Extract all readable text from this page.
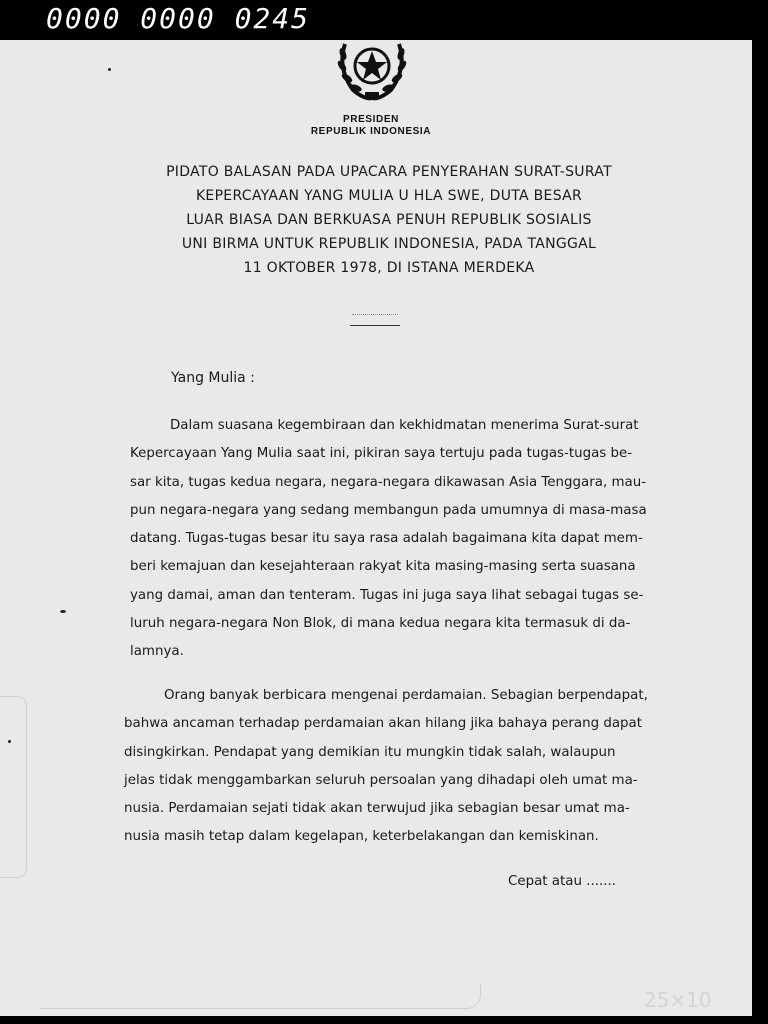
0000 0000 0245
PRESIDEN
REPUBLIK INDONESIA
PIDATO BALASAN PADA UPACARA PENYERAHAN SURAT-SURAT
KEPERCAYAAN YANG MULIA U HLA SWE, DUTA BESAR
LUAR BIASA DAN BERKUASA PENUH REPUBLIK SOSIALIS
UNI BIRMA UNTUK REPUBLIK INDONESIA, PADA TANGGAL
11 OKTOBER 1978, DI ISTANA MERDEKA
Yang Mulia :
Dalam suasana kegembiraan dan kekhidmatan menerima Surat-surat
Kepercayaan Yang Mulia saat ini, pikiran saya tertuju pada tugas-tugas be-
sar kita, tugas kedua negara, negara-negara dikawasan Asia Tenggara, mau-
pun negara-negara yang sedang membangun pada umumnya di masa-masa
datang. Tugas-tugas besar itu saya rasa adalah bagaimana kita dapat mem-
beri kemajuan dan kesejahteraan rakyat kita masing-masing serta suasana
yang damai, aman dan tenteram. Tugas ini juga saya lihat sebagai tugas se-
luruh negara-negara Non Blok, di mana kedua negara kita termasuk di da-
lamnya.
Orang banyak berbicara mengenai perdamaian. Sebagian berpendapat,
bahwa ancaman terhadap perdamaian akan hilang jika bahaya perang dapat
disingkirkan. Pendapat yang demikian itu mungkin tidak salah, walaupun
jelas tidak menggambarkan seluruh persoalan yang dihadapi oleh umat ma-
nusia. Perdamaian sejati tidak akan terwujud jika sebagian besar umat ma-
nusia masih tetap dalam kegelapan, keterbelakangan dan kemiskinan.
Cepat atau .......
25×10
